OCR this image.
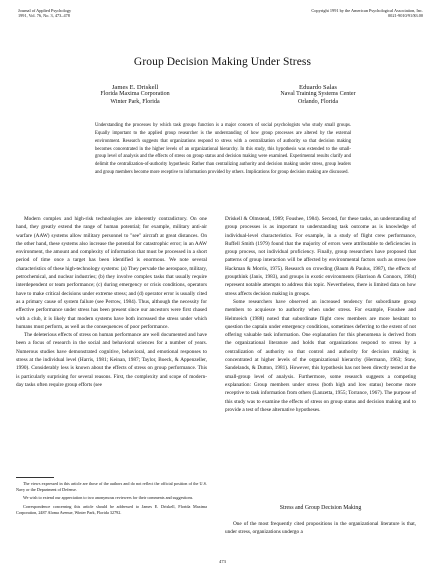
Journal of Applied Psychology
1991, Vol. 76, No. 3, 473–478
Copyright 1991 by the American Psychological Association, Inc.
0021-9010/91/$3.00
Group Decision Making Under Stress
James E. Driskell
Florida Maxima Corporation
Winter Park, Florida
Eduardo Salas
Naval Training Systems Center
Orlando, Florida
Understanding the processes by which task groups function is a major concern of social psychologists who study small groups. Equally important to the applied group researcher is the understanding of how group processes are altered by the external environment. Research suggests that organizations respond to stress with a centralization of authority so that decision making becomes concentrated in the higher levels of an organizational hierarchy. In this study, this hypothesis was extended to the small-group level of analysis and the effects of stress on group status and decision making were examined. Experimental results clarify and delimit the centralization-of-authority hypothesis: Rather than centralizing authority and decision making under stress, group leaders and group members become more receptive to information provided by others. Implications for group decision making are discussed.

Modern complex and high-risk technologies are inherently contradictory. On one hand, they greatly extend the range of human potential; for example, military anti-air warfare (AAW) systems allow military personnel to "see" aircraft at great distances. On the other hand, these systems also increase the potential for catastrophic error; in an AAW environment, the amount and complexity of information that must be processed in a short period of time once a target has been identified is enormous. We note several characteristics of these high-technology systems: (a) They pervade the aerospace, military, petrochemical, and nuclear industries; (b) they involve complex tasks that usually require interdependent or team performance; (c) during emergency or crisis conditions, operators have to make critical decisions under extreme stress; and (d) operator error is usually cited as a primary cause of system failure (see Perrow, 1984). Thus, although the necessity for effective performance under stress has been present since our ancestors were first chased with a club, it is likely that modern systems have both increased the stress under which humans must perform, as well as the consequences of poor performance.

The deleterious effects of stress on human performance are well documented and have been a focus of research in the social and behavioral sciences for a number of years. Numerous studies have demonstrated cognitive, behavioral, and emotional responses to stress at the individual level (Harris, 1981; Keinan, 1987; Taylor, Boeck, & Appenzeller, 1990). Considerably less is known about the effects of stress on group performance. This is particularly surprising for several reasons. First, the complexity and scope of modern-day tasks often require group efforts (see

The views expressed in this article are those of the authors and do not reflect the official position of the U.S. Navy or the Department of Defense.

We wish to extend our appreciation to two anonymous reviewers for their comments and suggestions.

Correspondence concerning this article should be addressed to James E. Driskell, Florida Maxima Corporation, 2487 Aloma Avenue, Winter Park, Florida 32792.

Driskell & Olmstead, 1989; Foushee, 1984). Second, for these tasks, an understanding of group processes is as important to understanding task outcome as is knowledge of individual-level characteristics. For example, in a study of flight crew performance, Ruffell Smith (1979) found that the majority of errors were attributable to deficiencies in group process, not individual proficiency. Finally, group researchers have proposed that patterns of group interaction will be affected by environmental factors such as stress (see Hackman & Morris, 1975). Research on crowding (Baum & Paulus, 1987), the effects of groupthink (Janis, 1983), and groups in exotic environments (Harrison & Connors, 1984) represent notable attempts to address this topic. Nevertheless, there is limited data on how stress affects decision making in groups.

Some researchers have observed an increased tendency for subordinate group members to acquiesce to authority when under stress. For example, Foushee and Helmreich (1988) noted that subordinate flight crew members are more hesitant to question the captain under emergency conditions, sometimes deferring to the extent of not offering valuable task information. One explanation for this phenomena is derived from the organizational literature and holds that organizations respond to stress by a centralization of authority so that control and authority for decision making is concentrated at higher levels of the organizational hierarchy (Hermann, 1963; Staw, Sandelands, & Dutton, 1981). However, this hypothesis has not been directly tested at the small-group level of analysis. Furthermore, some research suggests a competing explanation: Group members under stress (both high and low status) become more receptive to task information from others (Lanzetta, 1955; Torrance, 1967). The purpose of this study was to examine the effects of stress on group status and decision making and to provide a test of these alternative hypotheses.

Stress and Group Decision Making

One of the most frequently cited propositions in the organizational literature is that, under stress, organizations undergo a

473
